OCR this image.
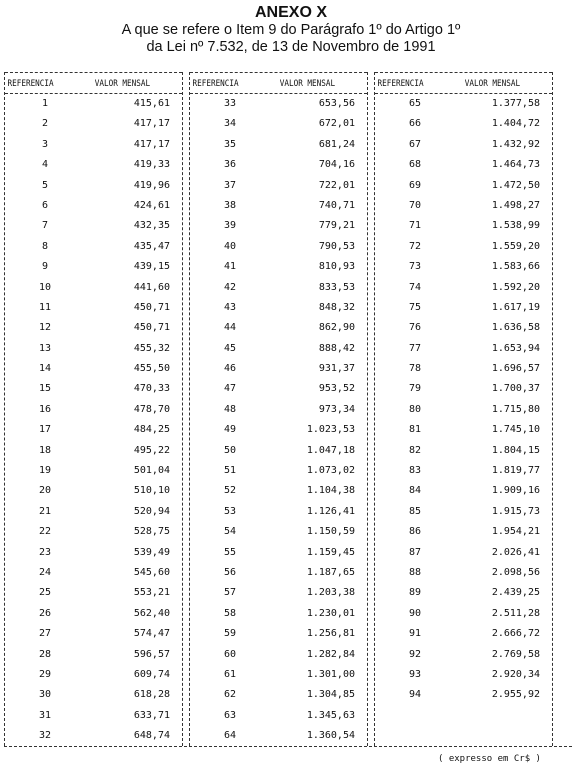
ANEXO X
A que se refere o Item 9 do Parágrafo 1º do Artigo 1º
da Lei nº 7.532, de 13 de Novembro de 1991
REFERENCIA	VALOR MENSAL
1	415,61
2	417,17
3	417,17
4	419,33
5	419,96
6	424,61
7	432,35
8	435,47
9	439,15
10	441,60
11	450,71
12	450,71
13	455,32
14	455,50
15	470,33
16	478,70
17	484,25
18	495,22
19	501,04
20	510,10
21	520,94
22	528,75
23	539,49
24	545,60
25	553,21
26	562,40
27	574,47
28	596,57
29	609,74
30	618,28
31	633,71
32	648,74
REFERENCIA	VALOR MENSAL
33	653,56
34	672,01
35	681,24
36	704,16
37	722,01
38	740,71
39	779,21
40	790,53
41	810,93
42	833,53
43	848,32
44	862,90
45	888,42
46	931,37
47	953,52
48	973,34
49	1.023,53
50	1.047,18
51	1.073,02
52	1.104,38
53	1.126,41
54	1.150,59
55	1.159,45
56	1.187,65
57	1.203,38
58	1.230,01
59	1.256,81
60	1.282,84
61	1.301,00
62	1.304,85
63	1.345,63
64	1.360,54
REFERENCIA	VALOR MENSAL
65	1.377,58
66	1.404,72
67	1.432,92
68	1.464,73
69	1.472,50
70	1.498,27
71	1.538,99
72	1.559,20
73	1.583,66
74	1.592,20
75	1.617,19
76	1.636,58
77	1.653,94
78	1.696,57
79	1.700,37
80	1.715,80
81	1.745,10
82	1.804,15
83	1.819,77
84	1.909,16
85	1.915,73
86	1.954,21
87	2.026,41
88	2.098,56
89	2.439,25
90	2.511,28
91	2.666,72
92	2.769,58
93	2.920,34
94	2.955,92
( expresso em Cr$ )
